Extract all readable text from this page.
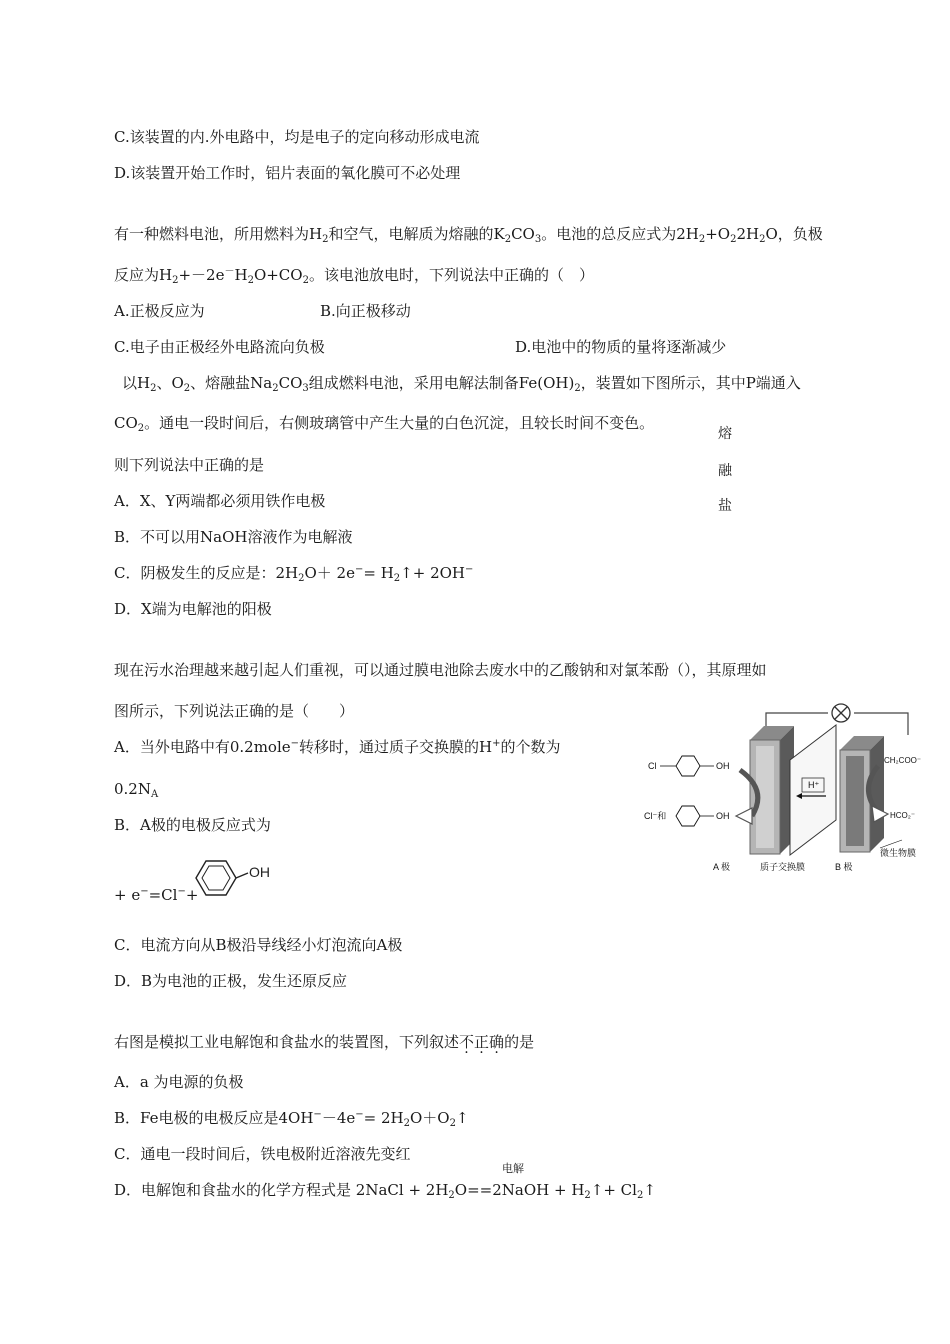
C.该装置的内.外电路中，均是电子的定向移动形成电流
D.该装置开始工作时，铝片表面的氧化膜可不必处理
有一种燃料电池，所用燃料为$H_2$和空气，电解质为熔融的$K_2CO_3$。电池的总反应式为$2H_2+O_22H_2O$，负极
反应为$H_2+-2e^-H_2O+CO_2$。该电池放电时，下列说法中正确的（　）
A.正极反应为	B.向正极移动
C.电子由正极经外电路流向负极	D.电池中的物质的量将逐渐减少
以$H_2$、$O_2$、熔融盐$Na_2CO_3$组成燃料电池，采用电解法制备$Fe(OH)_2$，装置如下图所示，其中P端通入
$CO_2$。通电一段时间后，右侧玻璃管中产生大量的白色沉淀，且较长时间不变色。
则下列说法中正确的是
A．X、Y两端都必须用铁作电极
B．不可以用NaOH溶液作为电解液
C．阴极发生的反应是：$2H_2O+ 2e^-=$ $H_2↑+ 2OH^-$
D．X端为电解池的阳极
熔
融
盐
现在污水治理越来越引起人们重视，可以通过膜电池除去废水中的乙酸钠和对氯苯酚（），其原理如
图所示，下列说法正确的是（　　）
A．当外电路中有0.2mole−转移时，通过质子交换膜的H+的个数为
$0.2N_A$
B．A极的电极反应式为
+ e−=Cl−+
OH
C．电流方向从B极沿导线经小灯泡流向A极
D．B为电池的正极，发生还原反应
H⁺
Cl	OH
Cl⁻和	OH
CH₂COO⁻
HCO₂⁻
微生物膜
A 极	质子交换膜	B 极
右图是模拟工业电解饱和食盐水的装置图，下列叙述不正确的是
A．a 为电源的负极
B．Fe电极的电极反应是$4OH^--4e^-= 2H_2O+O_2↑$
C．通电一段时间后，铁电极附近溶液先变红
电解
D．电解饱和食盐水的化学方程式是 2NaCl + $2H_2O==2NaOH$ + $H_2↑+$ $Cl_2↑$
